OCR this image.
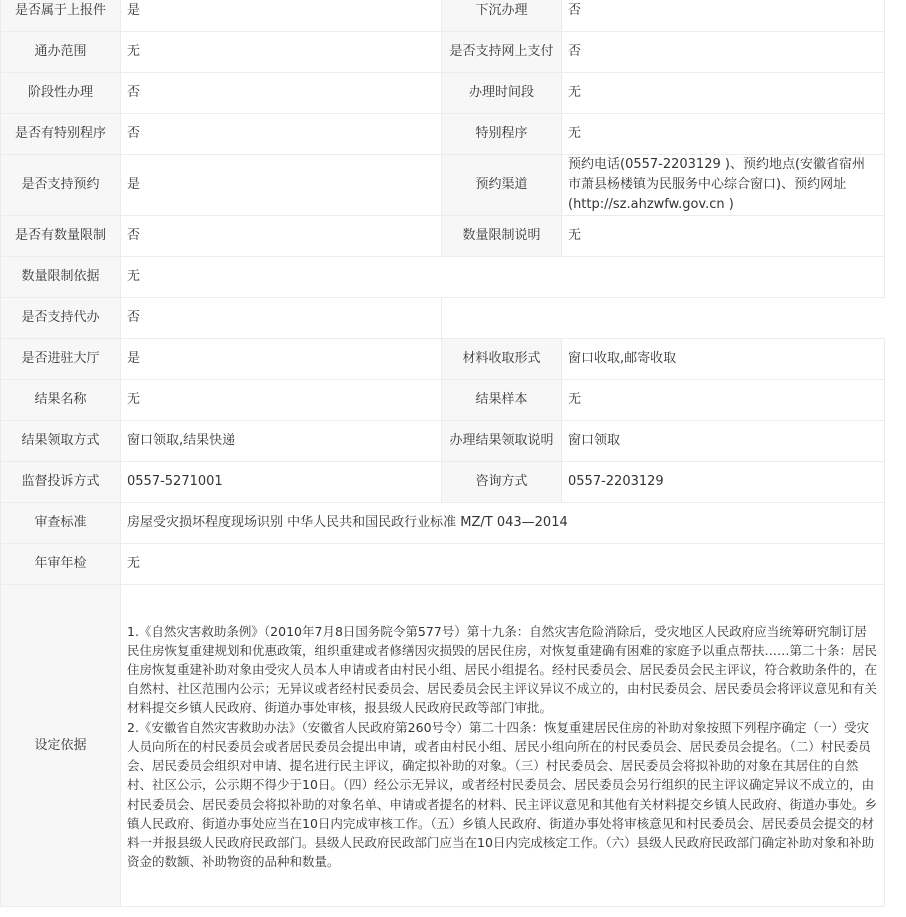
是否属于上报件	是	下沉办理	否
通办范围	无	是否支持网上支付	否
阶段性办理	否	办理时间段	无
是否有特别程序	否	特别程序	无
是否支持预约	是	预约渠道	预约电话(0557-2203129 )、预约地点(安徽省宿州市萧县杨楼镇为民服务中心综合窗口)、预约网址(http://sz.ahzwfw.gov.cn )
是否有数量限制	否	数量限制说明	无
数量限制依据	无		
是否支持代办	否		
是否进驻大厅	是	材料收取形式	窗口收取,邮寄收取
结果名称	无	结果样本	无
结果领取方式	窗口领取,结果快递	办理结果领取说明	窗口领取
监督投诉方式	0557-5271001	咨询方式	0557-2203129
审查标准	房屋受灾损坏程度现场识别 中华人民共和国民政行业标准 MZ/T 043—2014		
年审年检	无		
设定依据	1.《自然灾害救助条例》（2010年7月8日国务院令第577号）第十九条：自然灾害危险消除后，受灾地区人民政府应当统筹研究制订居民住房恢复重建规划和优惠政策，组织重建或者修缮因灾损毁的居民住房，对恢复重建确有困难的家庭予以重点帮扶……第二十条：居民住房恢复重建补助对象由受灾人员本人申请或者由村民小组、居民小组提名。经村民委员会、居民委员会民主评议，符合救助条件的，在自然村、社区范围内公示；无异议或者经村民委员会、居民委员会民主评议异议不成立的，由村民委员会、居民委员会将评议意见和有关材料提交乡镇人民政府、街道办事处审核，报县级人民政府民政等部门审批。

2.《安徽省自然灾害救助办法》（安徽省人民政府第260号令）第二十四条：恢复重建居民住房的补助对象按照下列程序确定（一）受灾人员向所在的村民委员会或者居民委员会提出申请，或者由村民小组、居民小组向所在的村民委员会、居民委员会提名。（二）村民委员会、居民委员会组织对申请、提名进行民主评议，确定拟补助的对象。（三）村民委员会、居民委员会将拟补助的对象在其居住的自然村、社区公示，公示期不得少于10日。（四）经公示无异议，或者经村民委员会、居民委员会另行组织的民主评议确定异议不成立的，由村民委员会、居民委员会将拟补助的对象名单、申请或者提名的材料、民主评议意见和其他有关材料提交乡镇人民政府、街道办事处。乡镇人民政府、街道办事处应当在10日内完成审核工作。（五）乡镇人民政府、街道办事处将审核意见和村民委员会、居民委员会提交的材料一并报县级人民政府民政部门。县级人民政府民政部门应当在10日内完成核定工作。（六）县级人民政府民政部门确定补助对象和补助资金的数额、补助物资的品种和数量。		
